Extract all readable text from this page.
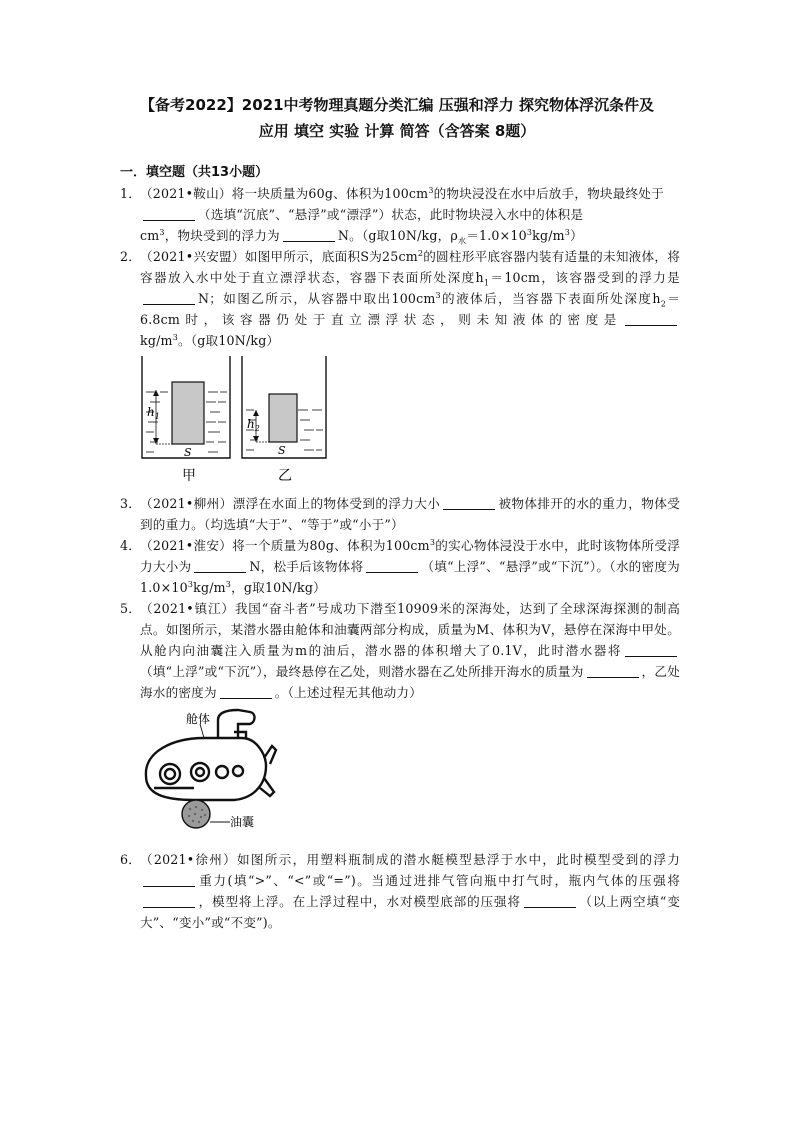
【备考2022】2021中考物理真题分类汇编 压强和浮力 探究物体浮沉条件及
应用 填空 实验 计算 简答（含答案 8题）
一．填空题（共13小题）
1．
（2021•鞍山）将一块质量为60g、体积为$100cm^3$的物块浸没在水中后放手，物块最终处于
（选填“沉底”、“悬浮”或“漂浮”）状态，此时物块浸入水中的体积是
$cm^3$，物块受到的浮力为	N。（g取10N/kg，$\rho_水=1.0\times 10^3kg/m^3$）
2．
（2021•兴安盟）如图甲所示，底面积S为$25cm^2$的圆柱形平底容器内装有适量的未知液体，将容器放入水中处于直立漂浮状态，容器下表面所处深度$h_1=10cm$，该容器受到的浮力是N；如图乙所示，从容器中取出$100cm^3$的液体后，当容器下表面所处深度$h_2=6.8cm$时，该容器仍处于直立漂浮状态，则未知液体的密度是$kg/m^3$。（g取10N/kg）
$h_1$
S
甲
$h_2$
S
乙
3．
（2021•柳州）漂浮在水面上的物体受到的浮力大小	被物体排开的水的重力，物体受到的重力。（均选填“大于”、“等于”或“小于”）
4．
（2021•淮安）将一个质量为80g、体积为$100cm^3$的实心物体浸没于水中，此时该物体所受浮力大小为	N，松手后该物体将	（填“上浮”、“悬浮”或“下沉”）。（水的密度为$1.0\times 10^3kg/m^3$，g取10N/kg）
5．
（2021•镇江）我国“奋斗者”号成功下潜至10909米的深海处，达到了全球深海探测的制高点。如图所示，某潜水器由舱体和油囊两部分构成，质量为M、体积为V，悬停在深海中甲处。从舱内向油囊注入质量为m的油后，潜水器的体积增大了0.1V，此时潜水器将（填“上浮”或“下沉”），最终悬停在乙处，则潜水器在乙处所排开海水的质量为	，乙处海水的密度为	。（上述过程无其他动力）
舱体
油囊
6．
（2021•徐州）如图所示，用塑料瓶制成的潜水艇模型悬浮于水中，此时模型受到的浮力重力(填“>”、“<”或“=”)。当通过进排气管向瓶中打气时，瓶内气体的压强将，模型将上浮。在上浮过程中，水对模型底部的压强将	（以上两空填“变大”、“变小”或“不变”)。
